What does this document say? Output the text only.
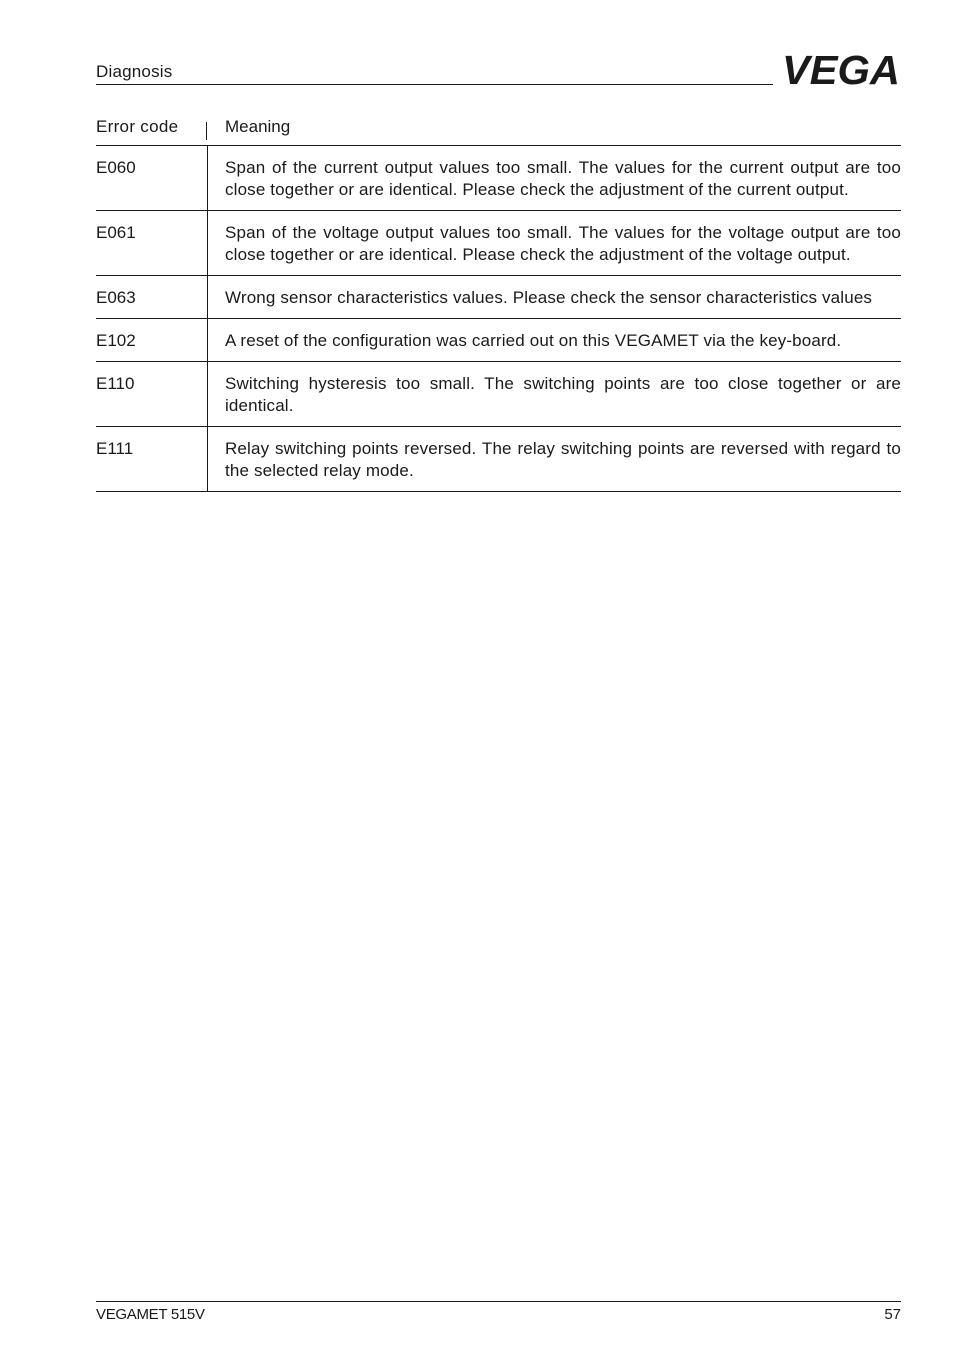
Diagnosis	VEGA
Error code	Meaning
E060	Span of the current output values too small. The values for the current output are too close together or are identical. Please check the adjustment of the current output.
E061	Span of the voltage output values too small. The values for the voltage output are too close together or are identical. Please check the adjustment of the voltage output.
E063	Wrong sensor characteristics values. Please check the sensor characteristics values
E102	A reset of the configuration was carried out on this VEGAMET via the key-board.
E110	Switching hysteresis too small. The switching points are too close together or are identical.
E111	Relay switching points reversed. The relay switching points are reversed with regard to the selected relay mode.
VEGAMET 515V	57
